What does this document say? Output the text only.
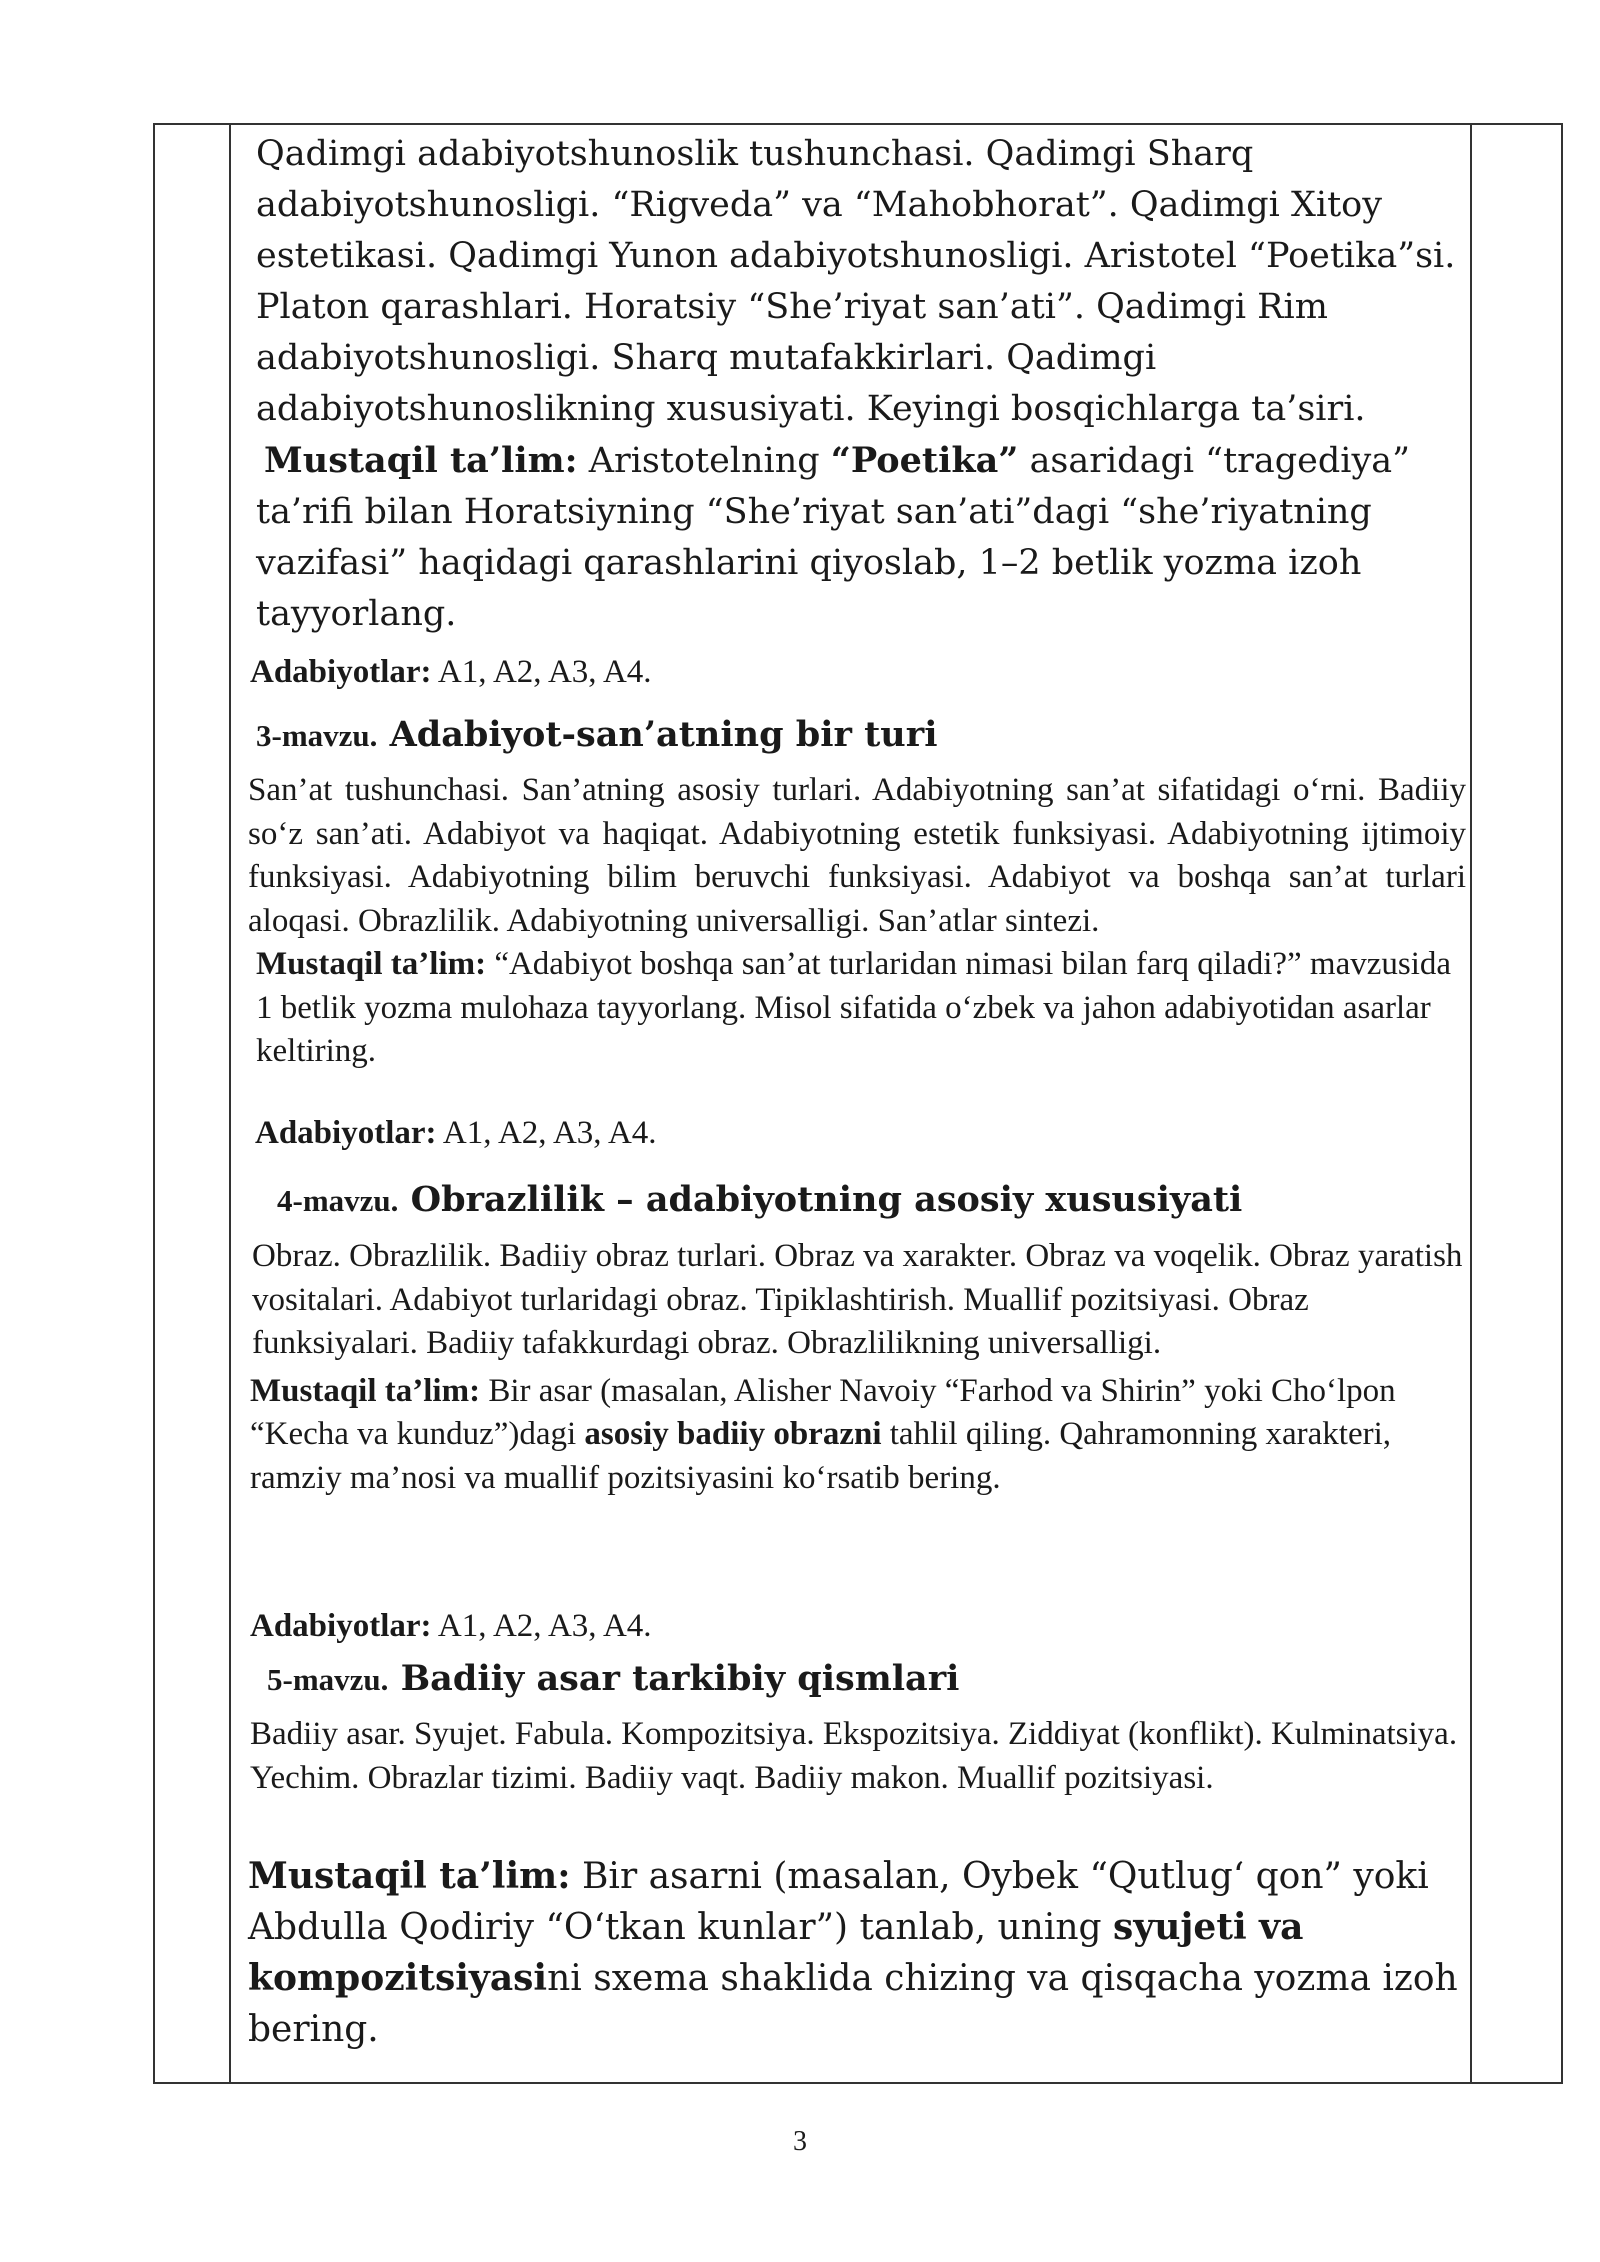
Qadimgi adabiyotshunoslik tushunchasi. Qadimgi Sharq adabiyotshunosligi. “Rigveda” va “Mahobhorat”. Qadimgi Xitoy estetikasi. Qadimgi Yunon adabiyotshunosligi. Aristotel “Poetika”si. Platon qarashlari. Horatsiy “She’riyat san’ati”. Qadimgi Rim adabiyotshunosligi. Sharq mutafakkirlari. Qadimgi adabiyotshunoslikning xususiyati. Keyingi bosqichlarga ta’siri.

Mustaqil ta’lim: Aristotelning “Poetika” asaridagi “tragediya” ta’rifi bilan Horatsiyning “She’riyat san’ati”dagi “she’riyatning vazifasi” haqidagi qarashlarini qiyoslab, 1–2 betlik yozma izoh tayyorlang.

Adabiyotlar: A1, A2, A3, A4.
3-mavzu. Adabiyot-san’atning bir turi

San’at tushunchasi. San’atning asosiy turlari. Adabiyotning san’at sifatidagi o‘rni. Badiiy so‘z san’ati. Adabiyot va haqiqat. Adabiyotning estetik funksiyasi. Adabiyotning ijtimoiy funksiyasi. Adabiyotning bilim beruvchi funksiyasi. Adabiyot va boshqa san’at turlari aloqasi. Obrazlilik. Adabiyotning universalligi. San’atlar sintezi.

Mustaqil ta’lim: “Adabiyot boshqa san’at turlaridan nimasi bilan farq qiladi?” mavzusida 1 betlik yozma mulohaza tayyorlang. Misol sifatida o‘zbek va jahon adabiyotidan asarlar keltiring.

Adabiyotlar: A1, A2, A3, A4.
4-mavzu. Obrazlilik – adabiyotning asosiy xususiyati

Obraz. Obrazlilik. Badiiy obraz turlari. Obraz va xarakter. Obraz va voqelik. Obraz yaratish vositalari. Adabiyot turlaridagi obraz. Tipiklashtirish. Muallif pozitsiyasi. Obraz funksiyalari. Badiiy tafakkurdagi obraz. Obrazlilikning universalligi.

Mustaqil ta’lim: Bir asar (masalan, Alisher Navoiy “Farhod va Shirin” yoki Cho‘lpon “Kecha va kunduz”)dagi asosiy badiiy obrazni tahlil qiling. Qahramonning xarakteri, ramziy ma’nosi va muallif pozitsiyasini ko‘rsatib bering.

Adabiyotlar: A1, A2, A3, A4.
5-mavzu. Badiiy asar tarkibiy qismlari

Badiiy asar. Syujet. Fabula. Kompozitsiya. Ekspozitsiya. Ziddiyat (konflikt). Kulminatsiya. Yechim. Obrazlar tizimi. Badiiy vaqt. Badiiy makon. Muallif pozitsiyasi.

Mustaqil ta’lim: Bir asarni (masalan, Oybek “Qutlug‘ qon” yoki Abdulla Qodiriy “O‘tkan kunlar”) tanlab, uning syujeti va kompozitsiyasini sxema shaklida chizing va qisqacha yozma izoh bering.

3
